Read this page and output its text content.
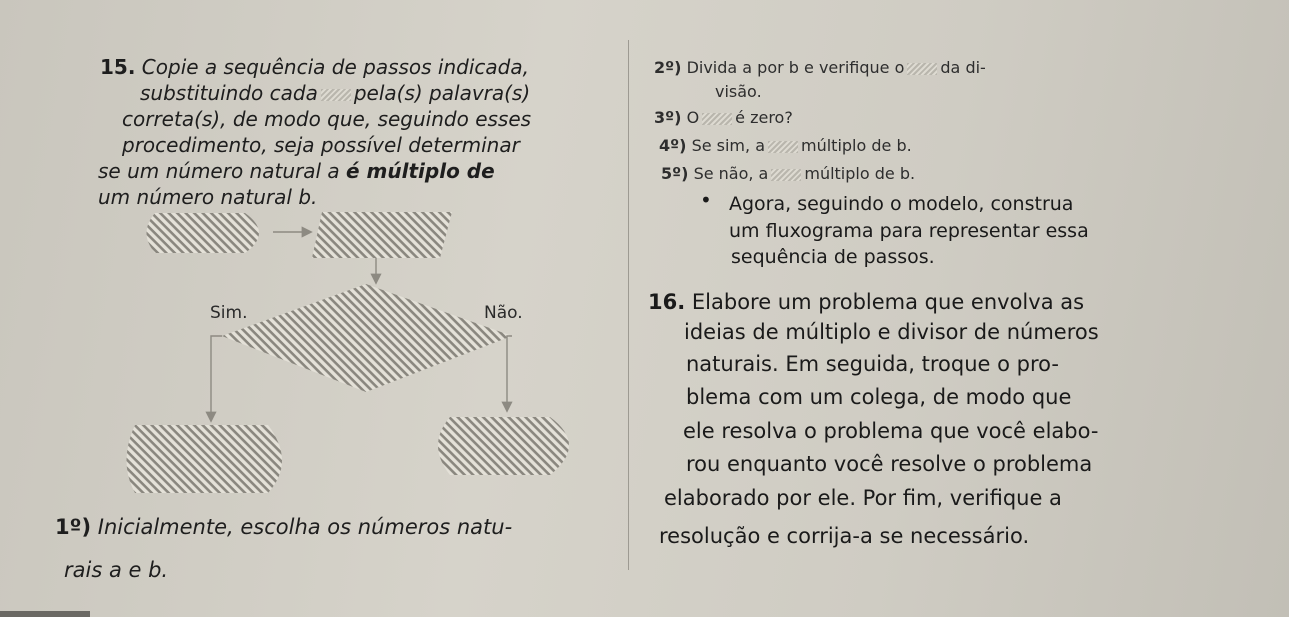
15. Copie a sequência de passos indicada,
substituindo cada pela(s) palavra(s)
correta(s), de modo que, seguindo esses
procedimento, seja possível determinar
se um número natural a é múltiplo de
um número natural b.
Sim.	Não.
1º) Inicialmente, escolha os números natu-
rais a e b.
2º) Divida a por b e verifique o da di-
visão.
3º) O é zero?
4º) Se sim, a múltiplo de b.
5º) Se não, a múltiplo de b.
• Agora, seguindo o modelo, construa
um fluxograma para representar essa
sequência de passos.
16. Elabore um problema que envolva as
ideias de múltiplo e divisor de números
naturais. Em seguida, troque o pro-
blema com um colega, de modo que
ele resolva o problema que você elabo-
rou enquanto você resolve o problema
elaborado por ele. Por fim, verifique a
resolução e corrija-a se necessário.
